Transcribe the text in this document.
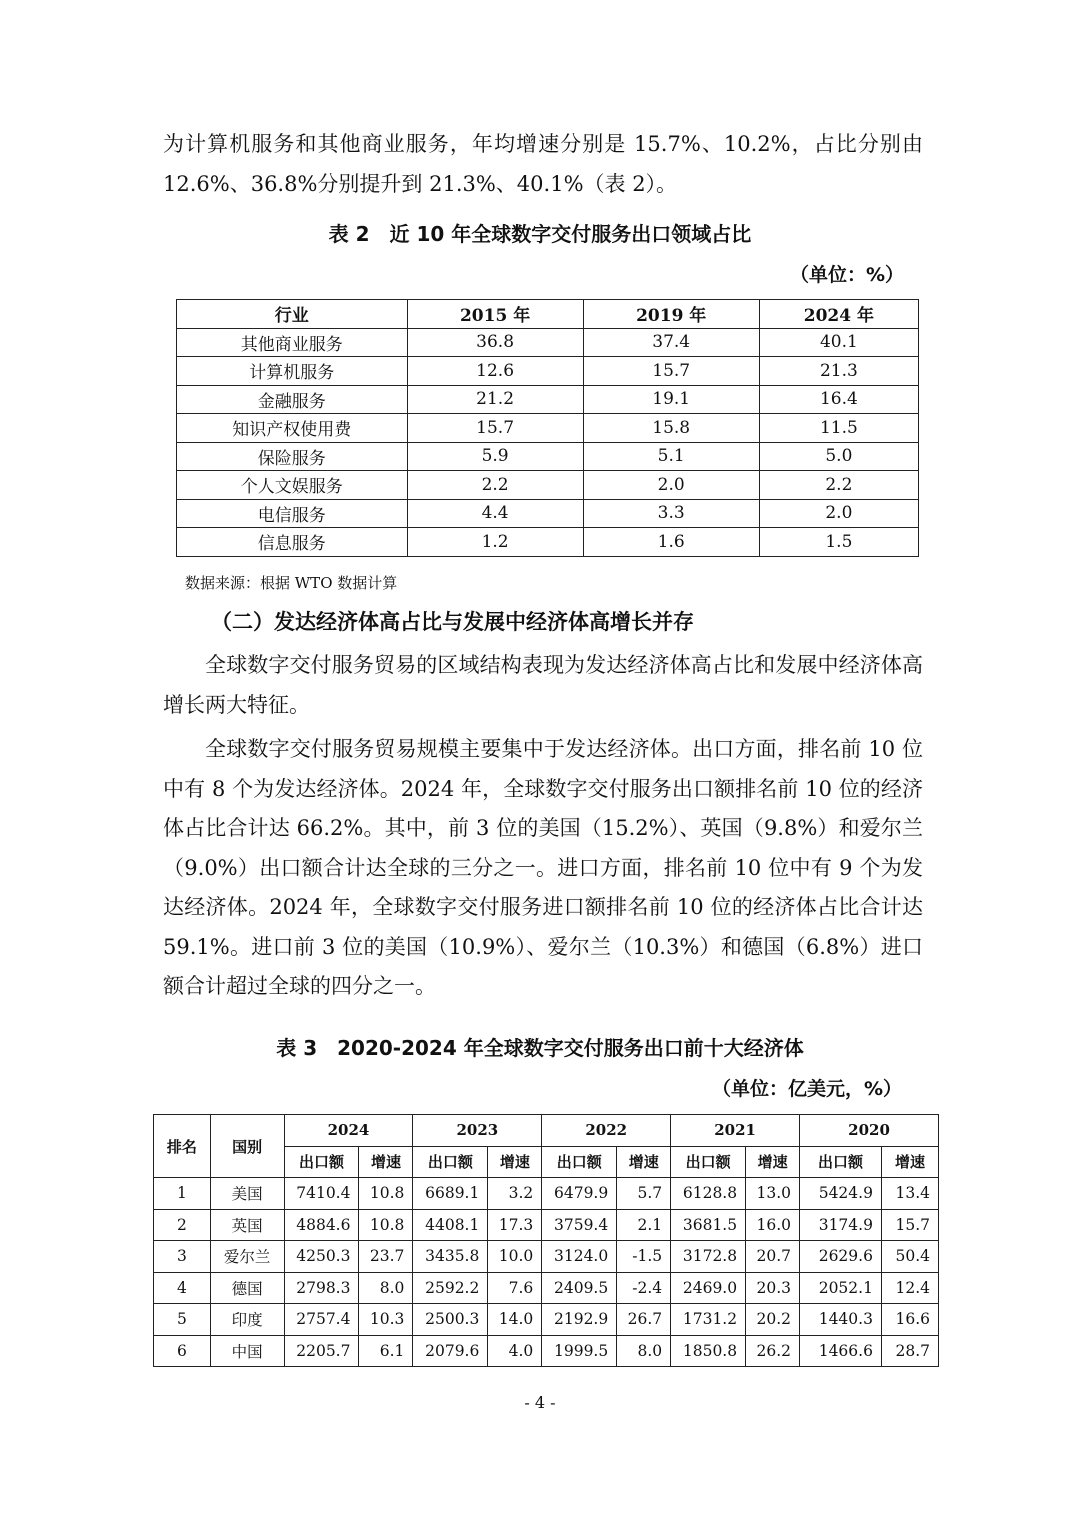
为计算机服务和其他商业服务，年均增速分别是 15.7%、10.2%，占比分别由 12.6%、36.8%分别提升到 21.3%、40.1%（表 2）。

表 2　近 10 年全球数字交付服务出口领域占比

（单位：%）

行业	2015 年	2019 年	2024 年
其他商业服务	36.8	37.4	40.1
计算机服务	12.6	15.7	21.3
金融服务	21.2	19.1	16.4
知识产权使用费	15.7	15.8	11.5
保险服务	5.9	5.1	5.0
个人文娱服务	2.2	2.0	2.2
电信服务	4.4	3.3	2.0
信息服务	1.2	1.6	1.5

数据来源：根据 WTO 数据计算

（二）发达经济体高占比与发展中经济体高增长并存

全球数字交付服务贸易的区域结构表现为发达经济体高占比和发展中经济体高增长两大特征。

全球数字交付服务贸易规模主要集中于发达经济体。出口方面，排名前 10 位中有 8 个为发达经济体。2024 年，全球数字交付服务出口额排名前 10 位的经济体占比合计达 66.2%。其中，前 3 位的美国（15.2%）、英国（9.8%）和爱尔兰（9.0%）出口额合计达全球的三分之一。进口方面，排名前 10 位中有 9 个为发达经济体。2024 年，全球数字交付服务进口额排名前 10 位的经济体占比合计达 59.1%。进口前 3 位的美国（10.9%）、爱尔兰（10.3%）和德国（6.8%）进口额合计超过全球的四分之一。

表 3　2020-2024 年全球数字交付服务出口前十大经济体

（单位：亿美元，%）

排名	国别	2024		2023		2022		2021		2020	
		出口额	增速	出口额	增速	出口额	增速	出口额	增速	出口额	增速
1	美国	7410.4	10.8	6689.1	3.2	6479.9	5.7	6128.8	13.0	5424.9	13.4
2	英国	4884.6	10.8	4408.1	17.3	3759.4	2.1	3681.5	16.0	3174.9	15.7
3	爱尔兰	4250.3	23.7	3435.8	10.0	3124.0	-1.5	3172.8	20.7	2629.6	50.4
4	德国	2798.3	8.0	2592.2	7.6	2409.5	-2.4	2469.0	20.3	2052.1	12.4
5	印度	2757.4	10.3	2500.3	14.0	2192.9	26.7	1731.2	20.2	1440.3	16.6
6	中国	2205.7	6.1	2079.6	4.0	1999.5	8.0	1850.8	26.2	1466.6	28.7

- 4 -
